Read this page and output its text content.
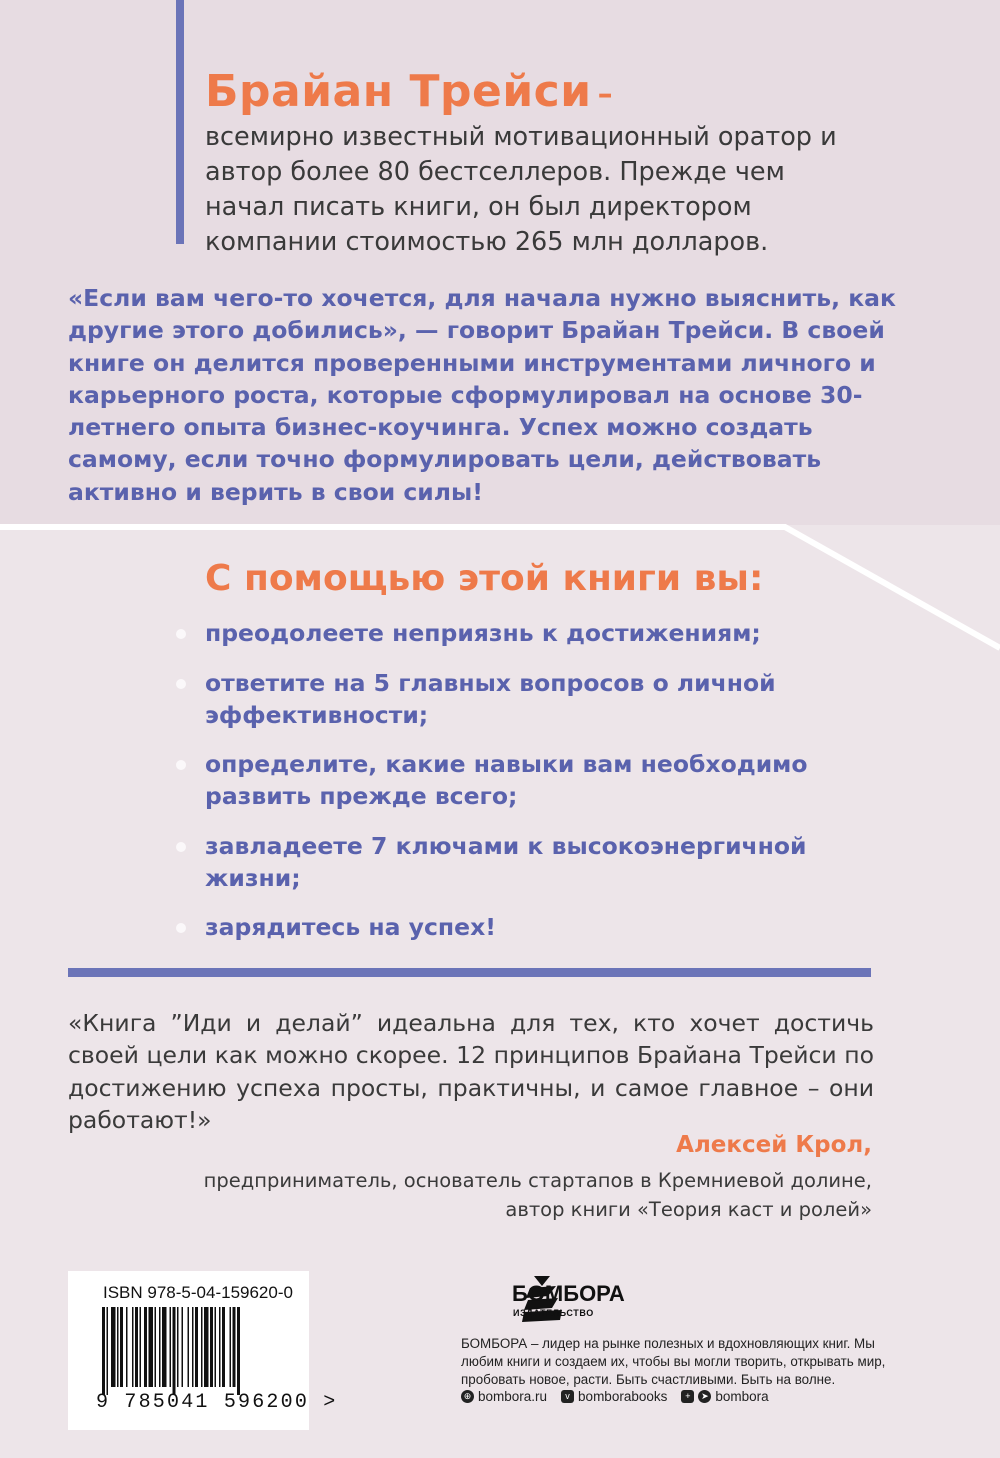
Брайан Трейси –

всемирно известный мотивационный оратор и автор более 80 бестселлеров. Прежде чем начал писать книги, он был директором компании стоимостью 265 млн долларов.

«Если вам чего-то хочется, для начала нужно выяснить, как другие этого добились», — говорит Брайан Трейси. В своей книге он делится проверенными инструментами личного и карьерного роста, которые сформулировал на основе 30-летнего опыта бизнес-коучинга. Успех можно создать самому, если точно формулировать цели, действовать активно и верить в свои силы!

С помощью этой книги вы:
преодолеете неприязнь к достижениям;
ответите на 5 главных вопросов о личной эффективности;
определите, какие навыки вам необходимо развить прежде всего;
завладеете 7 ключами к высокоэнергичной жизни;
зарядитесь на успех!

«Книга ”Иди и делай” идеальна для тех, кто хочет достичь своей цели как можно скорее. 12 принципов Брайана Трейси по достижению успеха просты, практичны, и самое главное – они работают!»

Алексей Крол,

предприниматель, основатель стартапов в Кремниевой долине,
автор книги «Теория каст и ролей»

ISBN 978-5-04-159620-0

9 785041 596200 >

БОМБОРА

ИЗДАТЕЛЬСТВО

БОМБОРА – лидер на рынке полезных и вдохновляющих книг. Мы любим книги и создаем их, чтобы вы могли творить, открывать мир, пробовать новое, расти. Быть счастливыми. Быть на волне.

⊕ bombora.ru	v bomborabooks	+	➤ bombora
